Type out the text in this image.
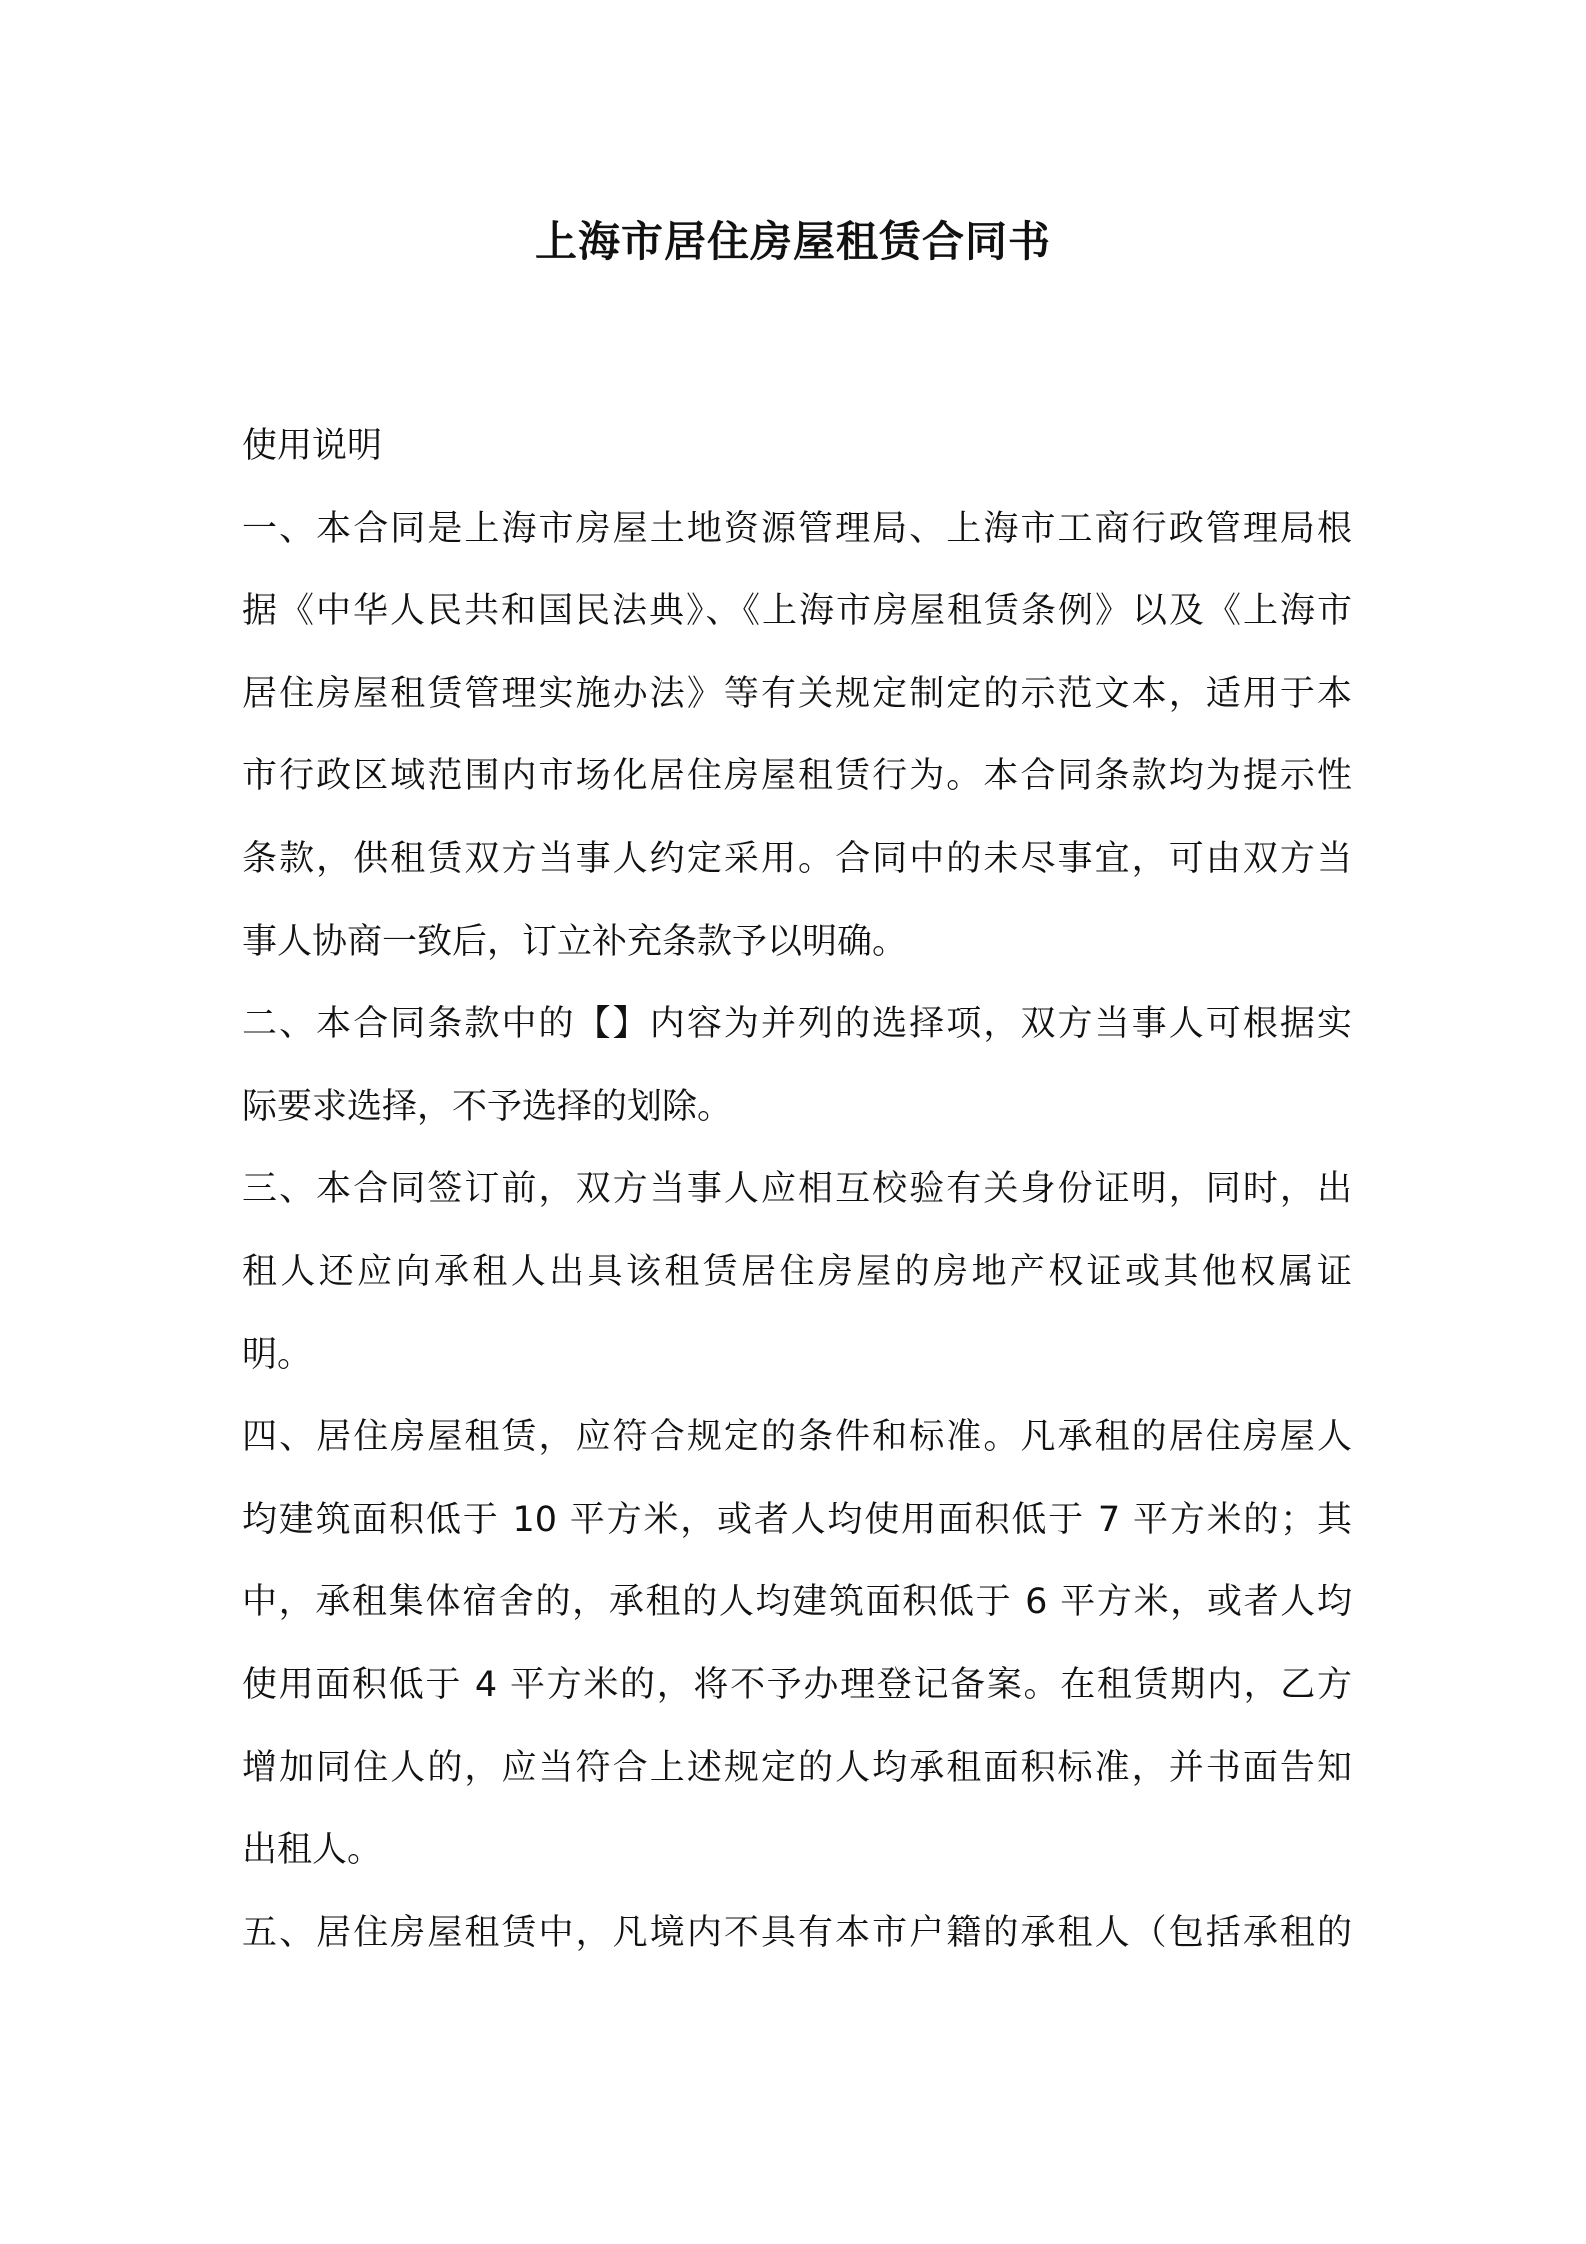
上海市居住房屋租赁合同书
使用说明
一、本合同是上海市房屋土地资源管理局、上海市工商行政管理局根
据《中华人民共和国民法典》、《上海市房屋租赁条例》以及《上海市
居住房屋租赁管理实施办法》等有关规定制定的示范文本，适用于本
市行政区域范围内市场化居住房屋租赁行为。本合同条款均为提示性
条款，供租赁双方当事人约定采用。合同中的未尽事宜，可由双方当
事人协商一致后，订立补充条款予以明确。
二、本合同条款中的【】内容为并列的选择项，双方当事人可根据实
际要求选择，不予选择的划除。
三、本合同签订前，双方当事人应相互校验有关身份证明，同时，出
租人还应向承租人出具该租赁居住房屋的房地产权证或其他权属证
明。
四、居住房屋租赁，应符合规定的条件和标准。凡承租的居住房屋人
均建筑面积低于 10 平方米，或者人均使用面积低于 7 平方米的；其
中，承租集体宿舍的，承租的人均建筑面积低于 6 平方米，或者人均
使用面积低于 4 平方米的，将不予办理登记备案。在租赁期内，乙方
增加同住人的，应当符合上述规定的人均承租面积标准，并书面告知
出租人。
五、居住房屋租赁中，凡境内不具有本市户籍的承租人（包括承租的
